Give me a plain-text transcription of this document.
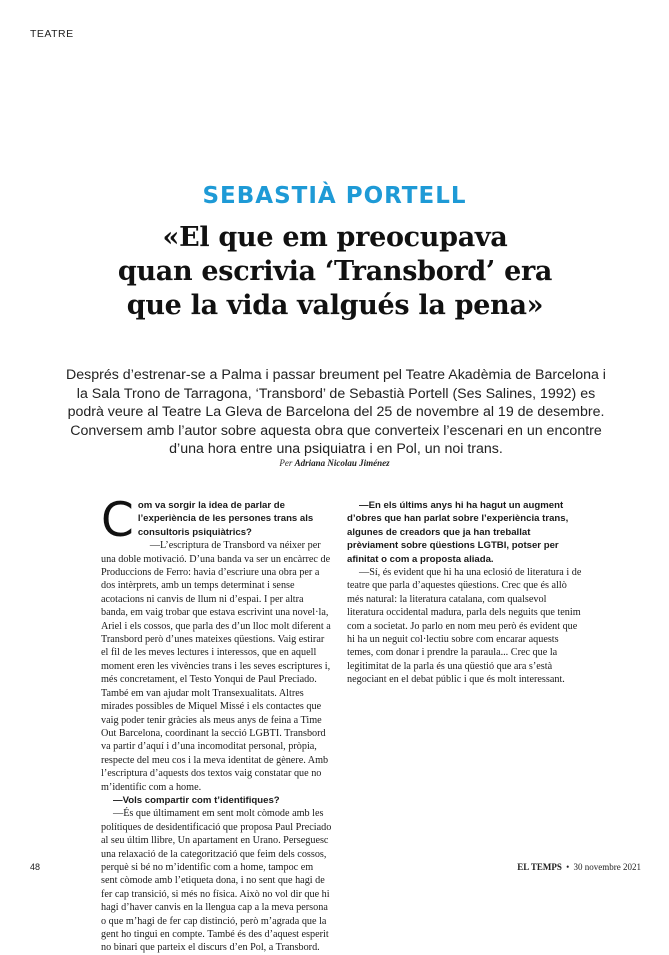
TEATRE
SEBASTIÀ PORTELL
«El que em preocupava
quan escrivia ‘Transbord’ era
que la vida valgués la pena»
Després d’estrenar-se a Palma i passar breument pel Teatre Akadèmia de Barcelona i la Sala Trono de Tarragona, ‘Transbord’ de Sebastià Portell (Ses Salines, 1992) es podrà veure al Teatre La Gleva de Barcelona del 25 de novembre al 19 de desembre. Conversem amb l’autor sobre aquesta obra que converteix l’escenari en un encontre d’una hora entre una psiquiatra i en Pol, un noi trans.
Per Adriana Nicolau Jiménez
C om va sorgir la idea de parlar de l’experiència de les persones trans als consultoris psiquiàtrics?

—L’escriptura de Transbord va néixer per una doble motivació. D’una banda va ser un encàrrec de Produccions de Ferro: havia d’escriure una obra per a dos intèrprets, amb un temps determinat i sense acotacions ni canvis de llum ni d’espai. I per altra banda, em vaig trobar que estava escrivint una novel·la, Ariel i els cossos, que parla des d’un lloc molt diferent a Transbord però d’unes mateixes qüestions. Vaig estirar el fil de les meves lectures i interessos, que en aquell moment eren les vivències trans i les seves escriptures i, més concretament, el Testo Yonqui de Paul Preciado. També em van ajudar molt Transexualitats. Altres mirades possibles de Miquel Missé i els contactes que vaig poder tenir gràcies als meus anys de feina a Time Out Barcelona, coordinant la secció LGBTI. Transbord va partir d’aquí i d’una incomoditat personal, pròpia, respecte del meu cos i la meva identitat de gènere. Amb l’escriptura d’aquests dos textos vaig constatar que no m’identific com a home.

—Vols compartir com t’identifiques?

—És que últimament em sent molt còmode amb les polítiques de desidentificació que proposa Paul Preciado al seu últim llibre, Un apartament en Urano. Perseguesc una relaxació de la categorització que feim dels cossos, perquè si bé no m’identific com a home, tampoc em sent còmode amb l’etiqueta dona, i no sent que hagi de fer cap transició, si més no física. Això no vol dir que hi hagi d’haver canvis en la llengua cap a la meva persona o que m’hagi de fer cap distinció, però m’agrada que la gent ho tingui en compte. També és des d’aquest esperit no binari que parteix el discurs d’en Pol, a Transbord.

—En els últims anys hi ha hagut un augment d’obres que han parlat sobre l’experiència trans, algunes de creadors que ja han treballat prèviament sobre qüestions LGTBI, potser per afinitat o com a proposta aliada.

—Sí, és evident que hi ha una eclosió de literatura i de teatre que parla d’aquestes qüestions. Crec que és allò més natural: la literatura catalana, com qualsevol literatura occidental madura, parla dels neguits que tenim com a societat. Jo parlo en nom meu però és evident que hi ha un neguit col·lectiu sobre com encarar aquests temes, com donar i prendre la paraula... Crec que la legitimitat de la parla és una qüestió que ara s’està negociant en el debat públic i que és molt interessant.

48	EL TEMPS • 30 novembre 2021
